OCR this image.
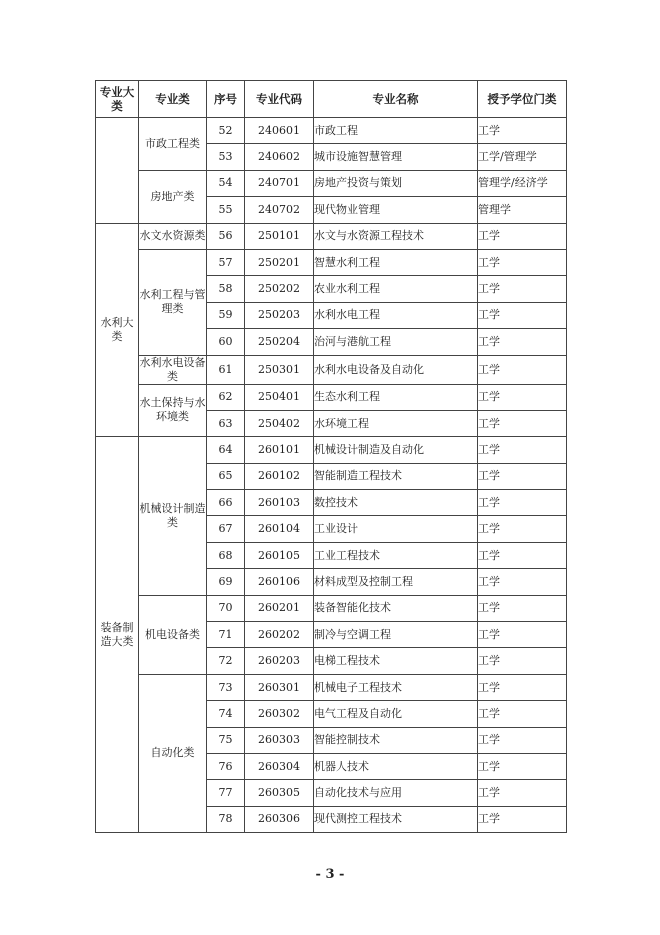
专业大类	专业类	序号	专业代码	专业名称	授予学位门类
	市政工程类	52	240601	市政工程	工学
		53	240602	城市设施智慧管理	工学/管理学
	房地产类	54	240701	房地产投资与策划	管理学/经济学
		55	240702	现代物业管理	管理学
水利大类	水文水资源类	56	250101	水文与水资源工程技术	工学
	水利工程与管理类	57	250201	智慧水利工程	工学
		58	250202	农业水利工程	工学
		59	250203	水利水电工程	工学
		60	250204	治河与港航工程	工学
	水利水电设备类	61	250301	水利水电设备及自动化	工学
	水土保持与水环境类	62	250401	生态水利工程	工学
		63	250402	水环境工程	工学
装备制造大类	机械设计制造类	64	260101	机械设计制造及自动化	工学
		65	260102	智能制造工程技术	工学
		66	260103	数控技术	工学
		67	260104	工业设计	工学
		68	260105	工业工程技术	工学
		69	260106	材料成型及控制工程	工学
	机电设备类	70	260201	装备智能化技术	工学
		71	260202	制冷与空调工程	工学
		72	260203	电梯工程技术	工学
	自动化类	73	260301	机械电子工程技术	工学
		74	260302	电气工程及自动化	工学
		75	260303	智能控制技术	工学
		76	260304	机器人技术	工学
		77	260305	自动化技术与应用	工学
		78	260306	现代测控工程技术	工学
- 3 -
